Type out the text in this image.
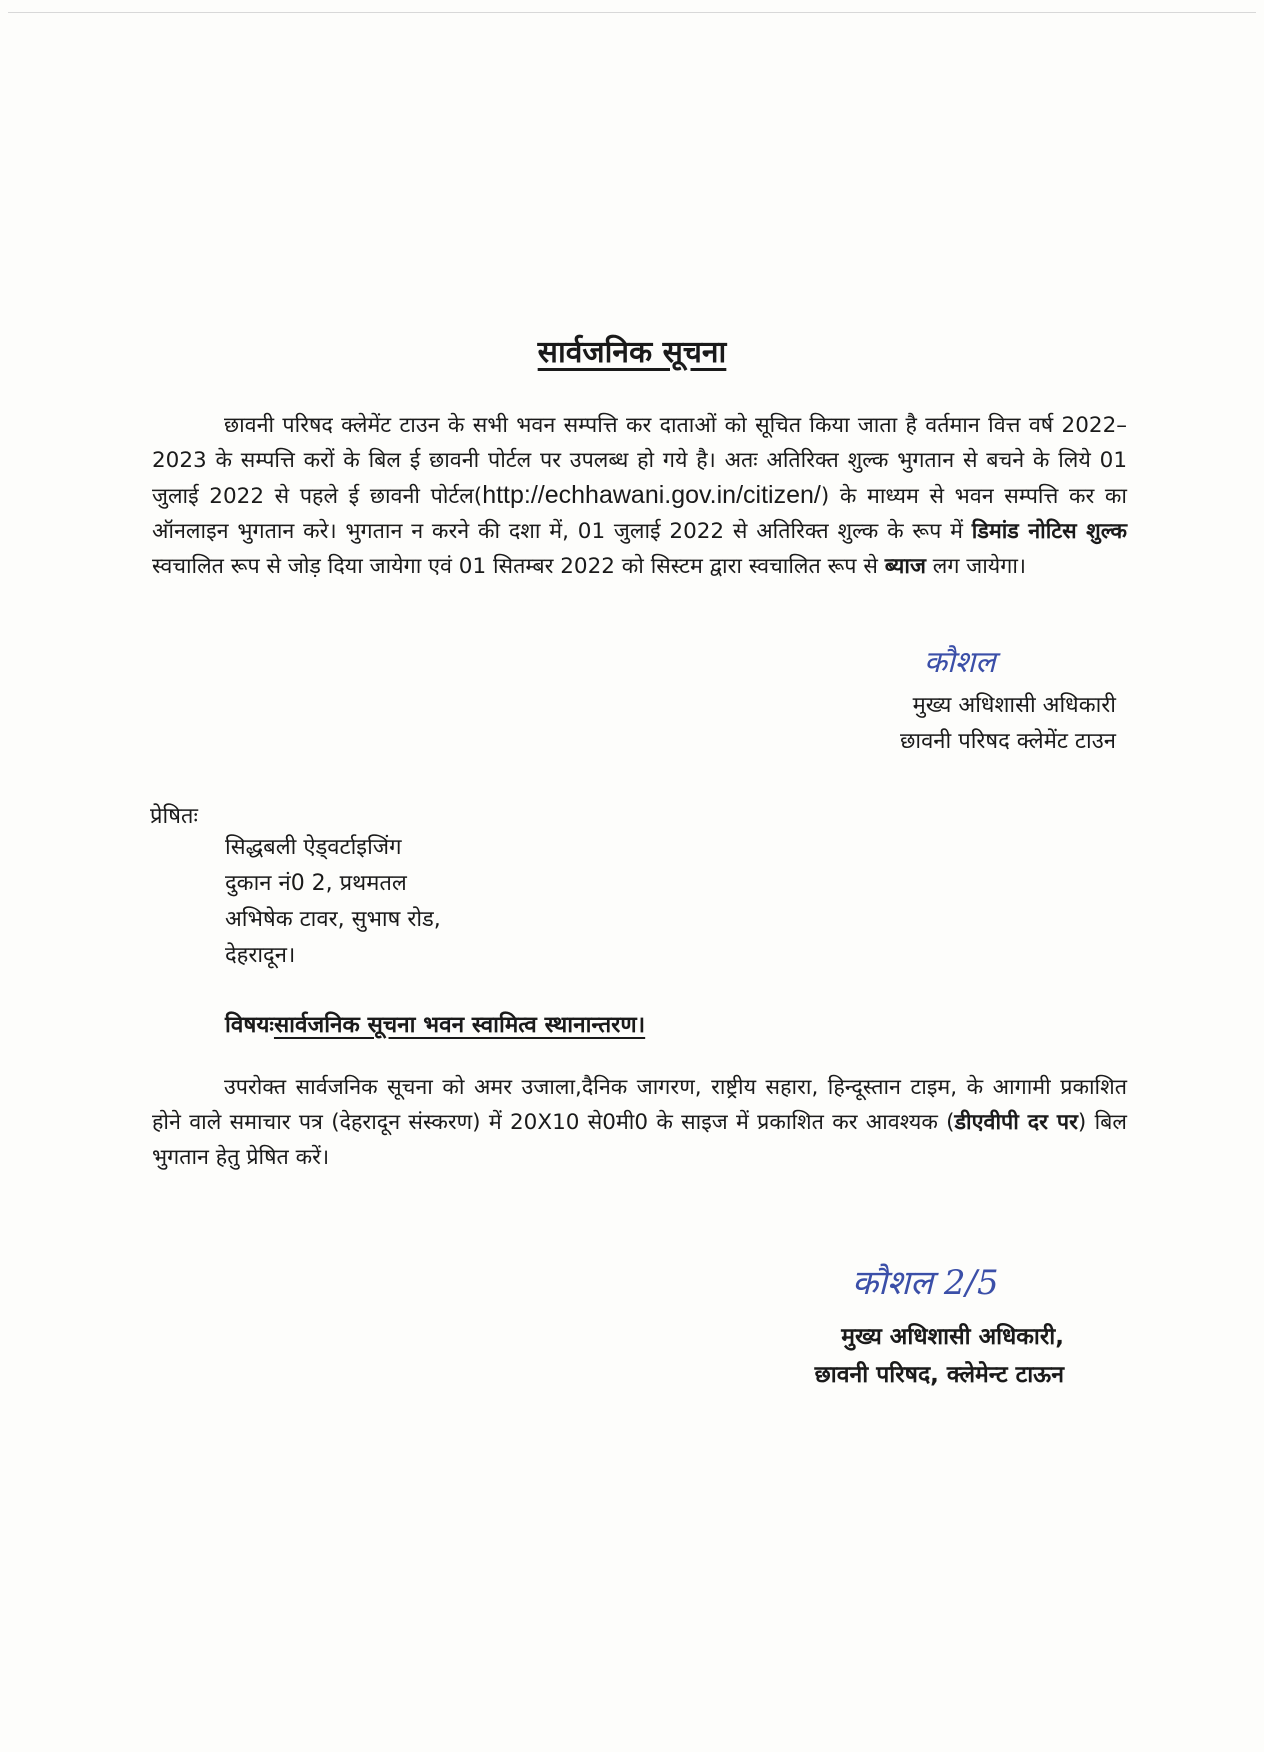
सार्वजनिक सूचना

छावनी परिषद क्लेमेंट टाउन के सभी भवन सम्पत्ति कर दाताओं को सूचित किया जाता है वर्तमान वित्त वर्ष 2022–2023 के सम्पत्ति करों के बिल ई छावनी पोर्टल पर उपलब्ध हो गये है। अतः अतिरिक्त शुल्क भुगतान से बचने के लिये 01 जुलाई 2022 से पहले ई छावनी पोर्टल(http://echhawani.gov.in/citizen/) के माध्यम से भवन सम्पत्ति कर का ऑनलाइन भुगतान करे। भुगतान न करने की दशा में, 01 जुलाई 2022 से अतिरिक्त शुल्क के रूप में डिमांड नोटिस शुल्क स्वचालित रूप से जोड़ दिया जायेगा एवं 01 सितम्बर 2022 को सिस्टम द्वारा स्वचालित रूप से ब्याज लग जायेगा।

कौशल
मुख्य अधिशासी अधिकारी
छावनी परिषद क्लेमेंट टाउन
प्रेषितः
सिद्धबली ऐड्वर्टाइजिंग
दुकान नं0 2, प्रथमतल
अभिषेक टावर, सुभाष रोड,
देहरादून।
विषयःसार्वजनिक सूचना भवन स्वामित्व स्थानान्तरण।

उपरोक्त सार्वजनिक सूचना को अमर उजाला,दैनिक जागरण, राष्ट्रीय सहारा, हिन्दूस्तान टाइम, के आगामी प्रकाशित होने वाले समाचार पत्र (देहरादून संस्करण) में 20X10 से0मी0 के साइज में प्रकाशित कर आवश्यक (डीएवीपी दर पर) बिल भुगतान हेतु प्रेषित करें।

कौशल 2/5
मुख्य अधिशासी अधिकारी,
छावनी परिषद, क्लेमेन्ट टाऊन
